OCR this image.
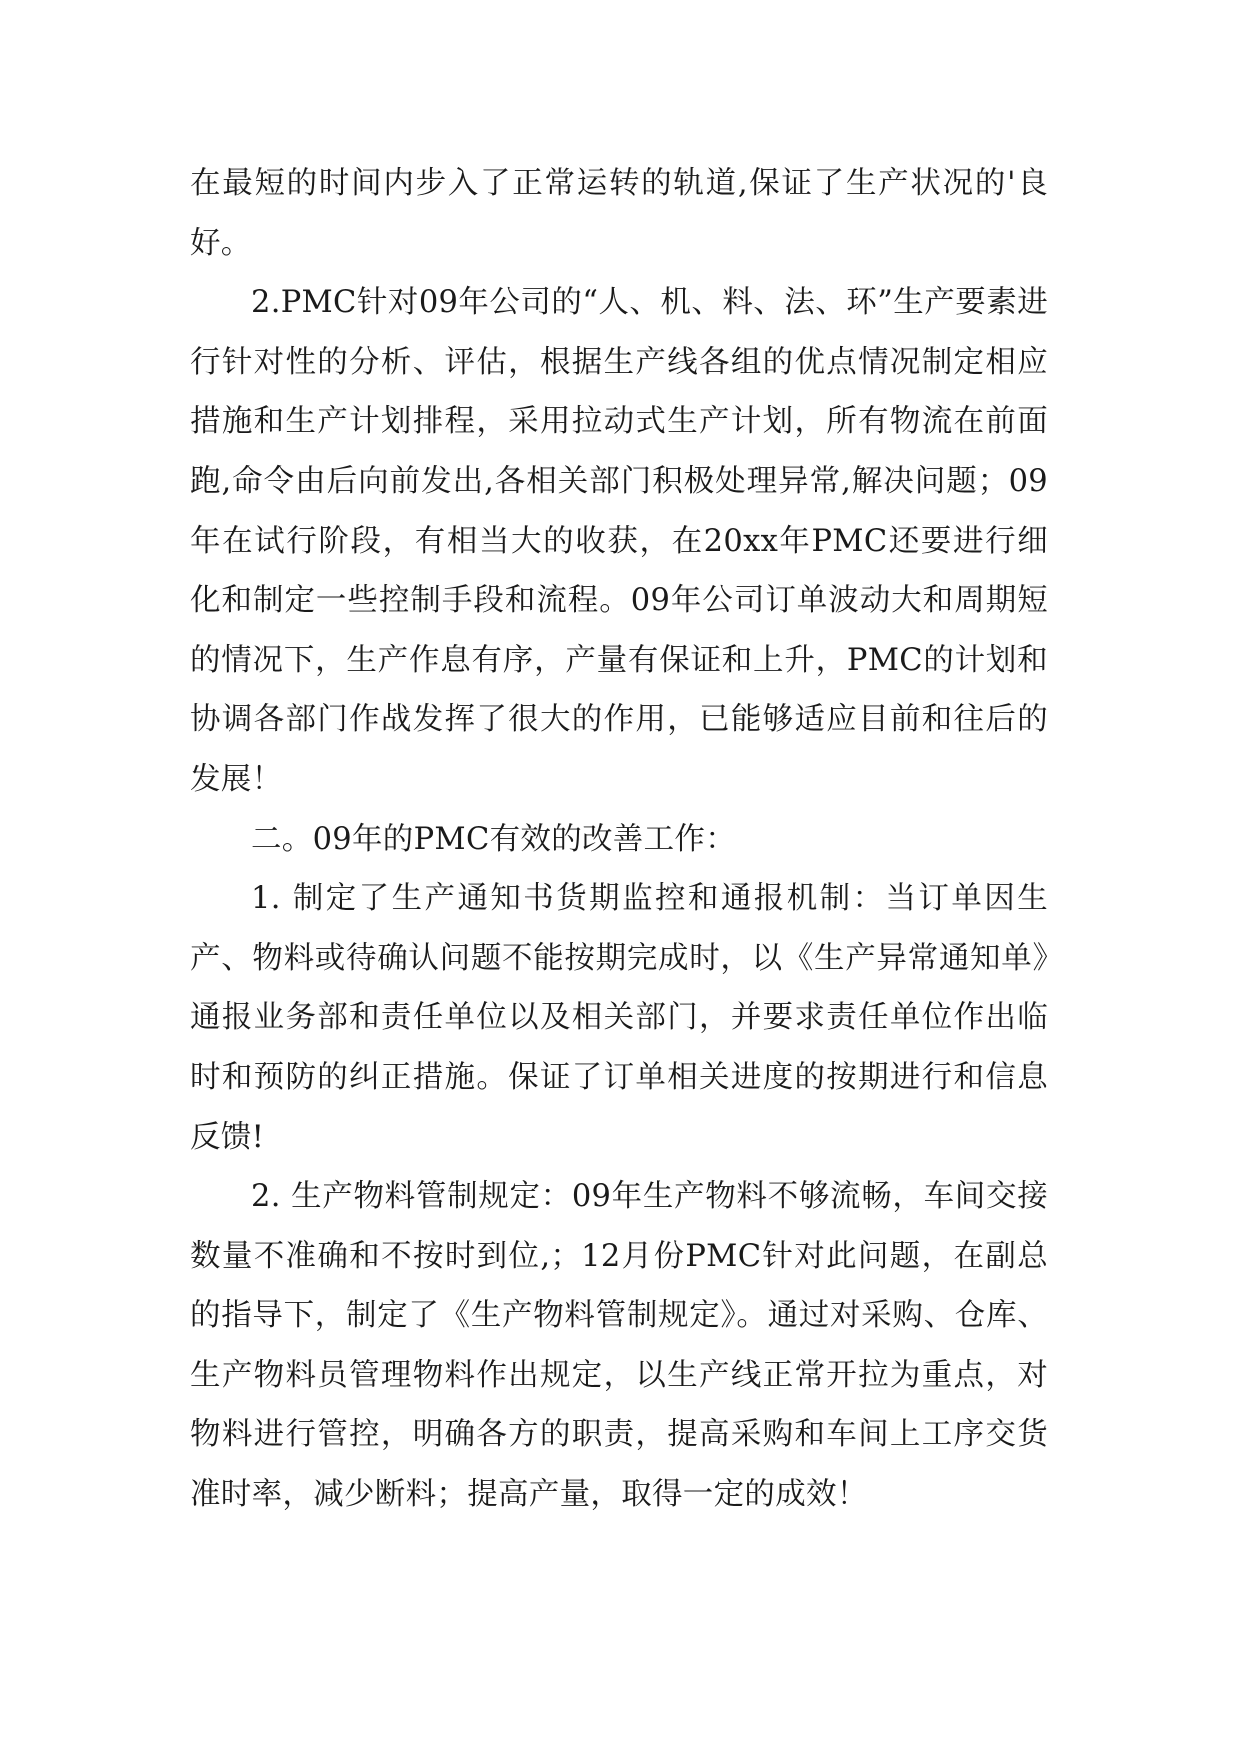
在最短的时间内步入了正常运转的轨道,保证了生产状况的'良好。

2.PMC针对09年公司的“人、机、料、法、环”生产要素进行针对性的分析、评估，根据生产线各组的优点情况制定相应措施和生产计划排程，采用拉动式生产计划，所有物流在前面跑,命令由后向前发出,各相关部门积极处理异常,解决问题；09年在试行阶段，有相当大的收获，在20xx年PMC还要进行细化和制定一些控制手段和流程。09年公司订单波动大和周期短的情况下，生产作息有序，产量有保证和上升，PMC的计划和协调各部门作战发挥了很大的作用，已能够适应目前和往后的发展！

二。09年的PMC有效的改善工作：

1. 制定了生产通知书货期监控和通报机制：当订单因生产、物料或待确认问题不能按期完成时，以《生产异常通知单》通报业务部和责任单位以及相关部门，并要求责任单位作出临时和预防的纠正措施。保证了订单相关进度的按期进行和信息反馈!

2. 生产物料管制规定：09年生产物料不够流畅，车间交接数量不准确和不按时到位,；12月份PMC针对此问题，在副总的指导下，制定了《生产物料管制规定》。通过对采购、仓库、生产物料员管理物料作出规定，以生产线正常开拉为重点，对物料进行管控，明确各方的职责，提高采购和车间上工序交货准时率，减少断料；提高产量，取得一定的成效！
